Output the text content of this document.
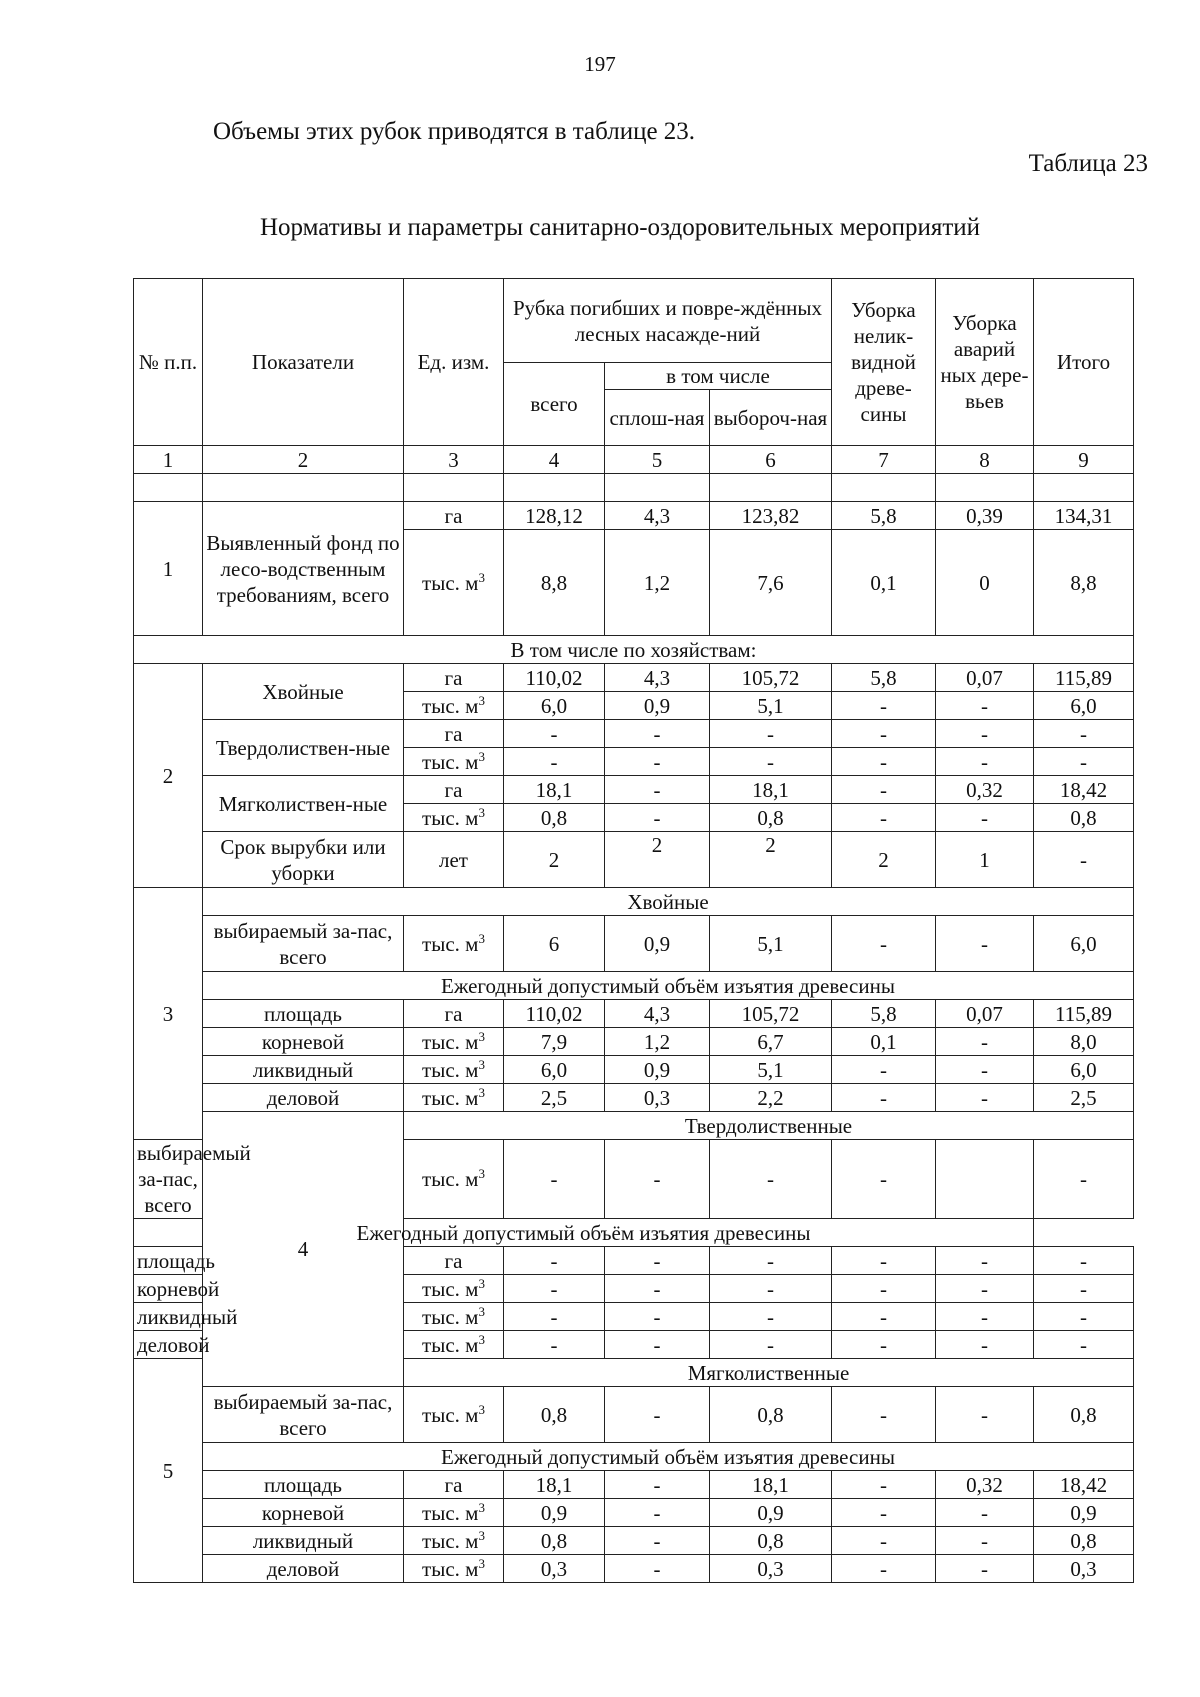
197
Объемы этих рубок приводятся в таблице 23.
Таблица 23
Нормативы и параметры санитарно-оздоровительных мероприятий
№ п.п.	Показатели	Ед. изм.	Рубка погибших и повре-ждённых лесных насажде-ний			Уборка нелик-видной древе-сины	Уборка аварий ных дере-вьев	Итого
			всего	в том числе				
				сплош-ная	выбороч-ная			
1	2	3	4	5	6	7	8	9

1	Выявленный фонд по лесо-водственным требованиям, всего	га	128,12	4,3	123,82	5,8	0,39	134,31
		тыс. $м^3$	8,8	1,2	7,6	0,1	0	8,8
В том числе по хозяйствам:								
2	Хвойные	га	110,02	4,3	105,72	5,8	0,07	115,89
		тыс. $м^3$	6,0	0,9	5,1	-	-	6,0
	Твердолиствен-ные	га	-	-	-	-	-	-
		тыс. $м^3$	-	-	-	-	-	-
	Мягколиствен-ные	га	18,1	-	18,1	-	0,32	18,42
		тыс. $м^3$	0,8	-	0,8	-	-	0,8
	Срок вырубки или уборки	лет	2	2	2	2	1	-
3	Хвойные							
	выбираемый за-пас, всего	тыс. $м^3$	6	0,9	5,1	-	-	6,0
	Ежегодный допустимый объём изъятия древесины							
	площадь	га	110,02	4,3	105,72	5,8	0,07	115,89
	корневой	тыс. $м^3$	7,9	1,2	6,7	0,1	-	8,0
	ликвидный	тыс. $м^3$	6,0	0,9	5,1	-	-	6,0
	деловой	тыс. $м^3$	2,5	0,3	2,2	-	-	2,5
	4	Твердолиственные						
выбираемый за-пас, всего		тыс. $м^3$	-	-	-	-		-
Ежегодный допустимый объём изъятия древесины								
площадь		га	-	-	-	-	-	-
корневой		тыс. $м^3$	-	-	-	-	-	-
ликвидный		тыс. $м^3$	-	-	-	-	-	-
деловой		тыс. $м^3$	-	-	-	-	-	-
5		Мягколиственные						
	выбираемый за-пас, всего	тыс. $м^3$	0,8	-	0,8	-	-	0,8
	Ежегодный допустимый объём изъятия древесины							
	площадь	га	18,1	-	18,1	-	0,32	18,42
	корневой	тыс. $м^3$	0,9	-	0,9	-	-	0,9
	ликвидный	тыс. $м^3$	0,8	-	0,8	-	-	0,8
	деловой	тыс. $м^3$	0,3	-	0,3	-	-	0,3
